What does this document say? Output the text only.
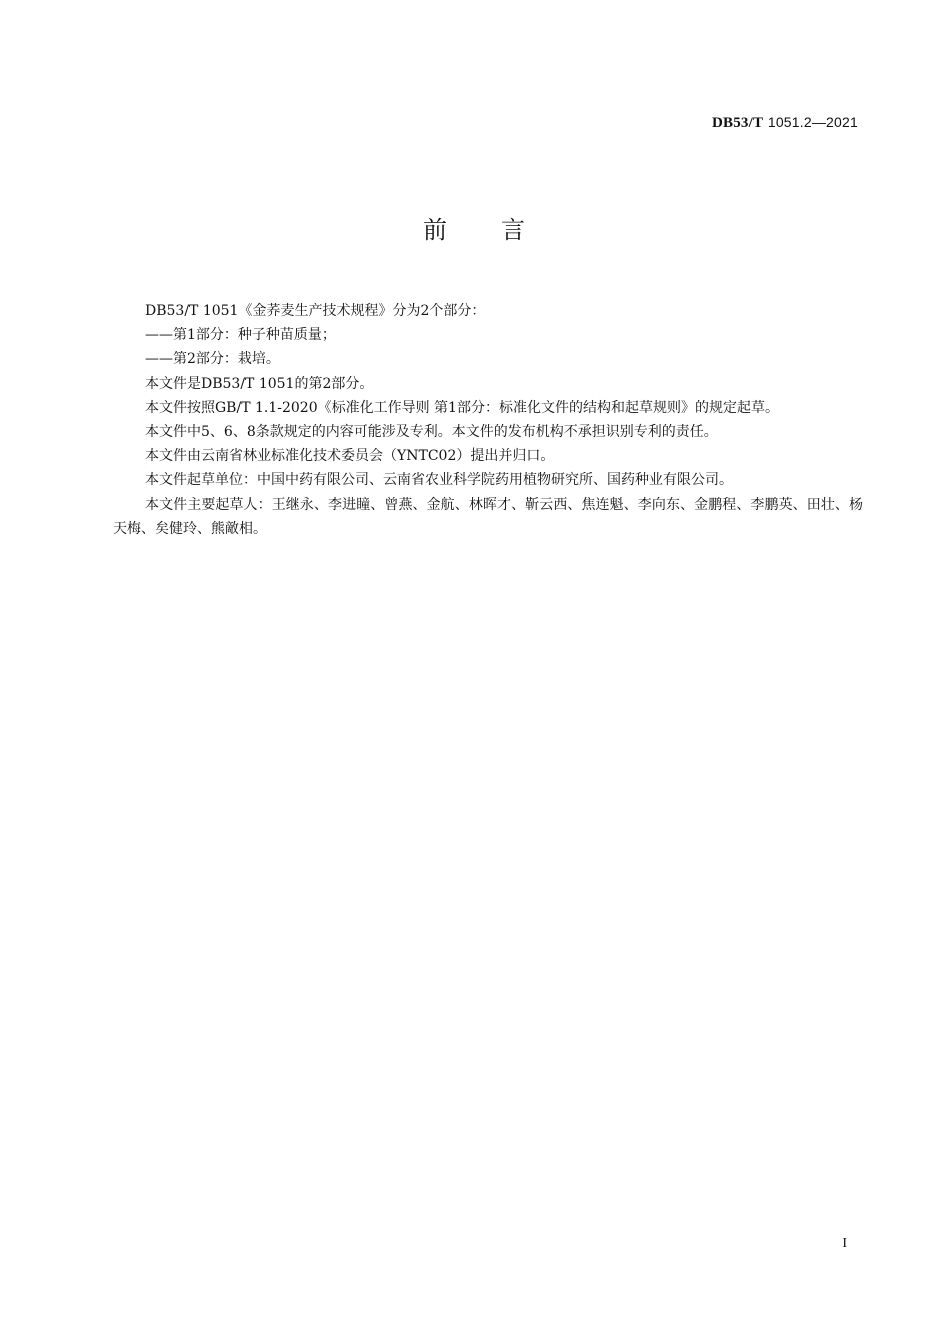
DB53/T 1051.2—2021
前 言

DB53/T 1051《金荞麦生产技术规程》分为2个部分：

——第1部分：种子种苗质量；

——第2部分：栽培。

本文件是DB53/T 1051的第2部分。

本文件按照GB/T 1.1-2020《标准化工作导则 第1部分：标准化文件的结构和起草规则》的规定起草。

本文件中5、6、8条款规定的内容可能涉及专利。本文件的发布机构不承担识别专利的责任。

本文件由云南省林业标准化技术委员会（YNTC02）提出并归口。

本文件起草单位：中国中药有限公司、云南省农业科学院药用植物研究所、国药种业有限公司。

本文件主要起草人：王继永、李进瞳、曾燕、金航、林晖才、靳云西、焦连魁、李向东、金鹏程、李鹏英、田壮、杨天梅、矣健玲、熊敵相。

I
